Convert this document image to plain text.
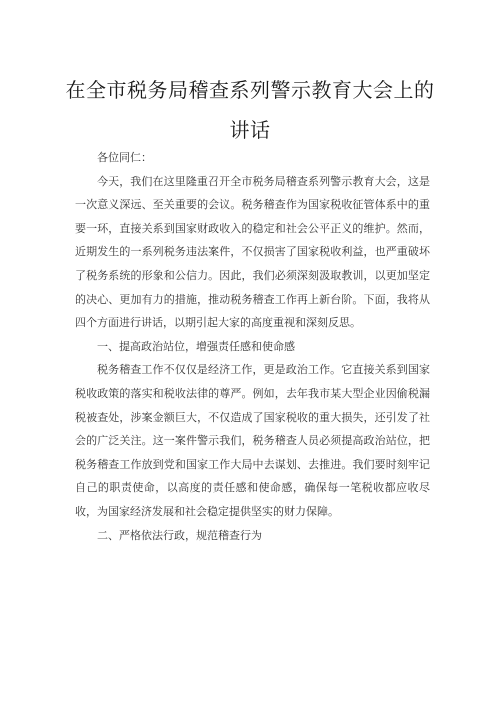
在全市税务局稽查系列警示教育大会上的
讲话

各位同仁：

今天，我们在这里隆重召开全市税务局稽查系列警示教育大会，这是一次意义深远、至关重要的会议。税务稽查作为国家税收征管体系中的重要一环，直接关系到国家财政收入的稳定和社会公平正义的维护。然而，近期发生的一系列税务违法案件，不仅损害了国家税收利益，也严重破坏了税务系统的形象和公信力。因此，我们必须深刻汲取教训，以更加坚定的决心、更加有力的措施，推动税务稽查工作再上新台阶。下面，我将从四个方面进行讲话，以期引起大家的高度重视和深刻反思。

一、提高政治站位，增强责任感和使命感

税务稽查工作不仅仅是经济工作，更是政治工作。它直接关系到国家税收政策的落实和税收法律的尊严。例如，去年我市某大型企业因偷税漏税被查处，涉案金额巨大，不仅造成了国家税收的重大损失，还引发了社会的广泛关注。这一案件警示我们，税务稽查人员必须提高政治站位，把税务稽查工作放到党和国家工作大局中去谋划、去推进。我们要时刻牢记自己的职责使命，以高度的责任感和使命感，确保每一笔税收都应收尽收，为国家经济发展和社会稳定提供坚实的财力保障。

二、严格依法行政，规范稽查行为
